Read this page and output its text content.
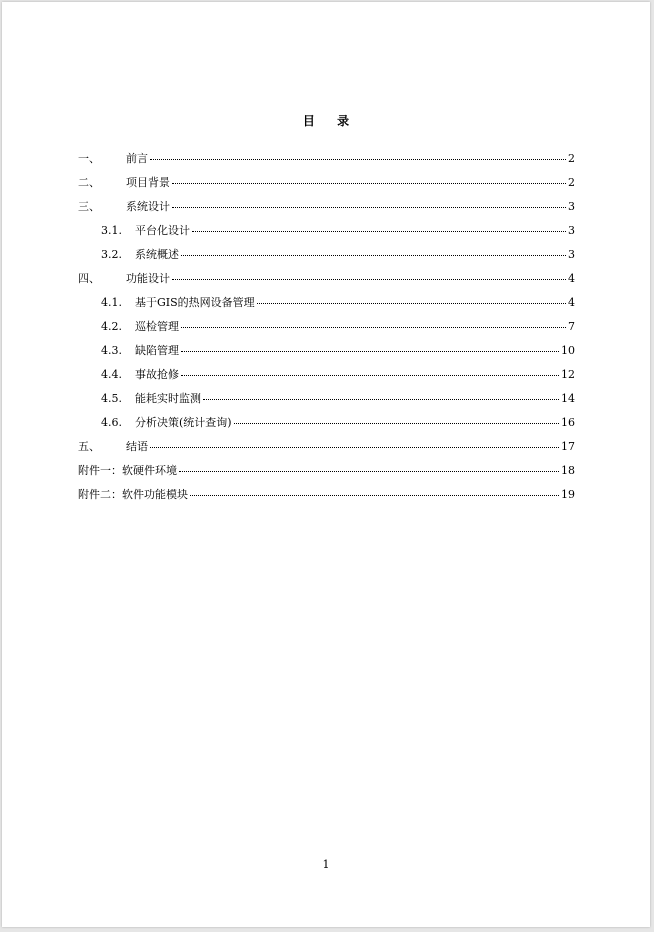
目 录
一、	前言	2
二、	项目背景	2
三、	系统设计	3
3.1.	平台化设计	3
3.2.	系统概述	3
四、	功能设计	4
4.1.	基于GIS的热网设备管理	4
4.2.	巡检管理	7
4.3.	缺陷管理	10
4.4.	事故抢修	12
4.5.	能耗实时监测	14
4.6.	分析决策(统计查询)	16
五、	结语	17
附件一： 软硬件环境	18
附件二： 软件功能模块	19
1
